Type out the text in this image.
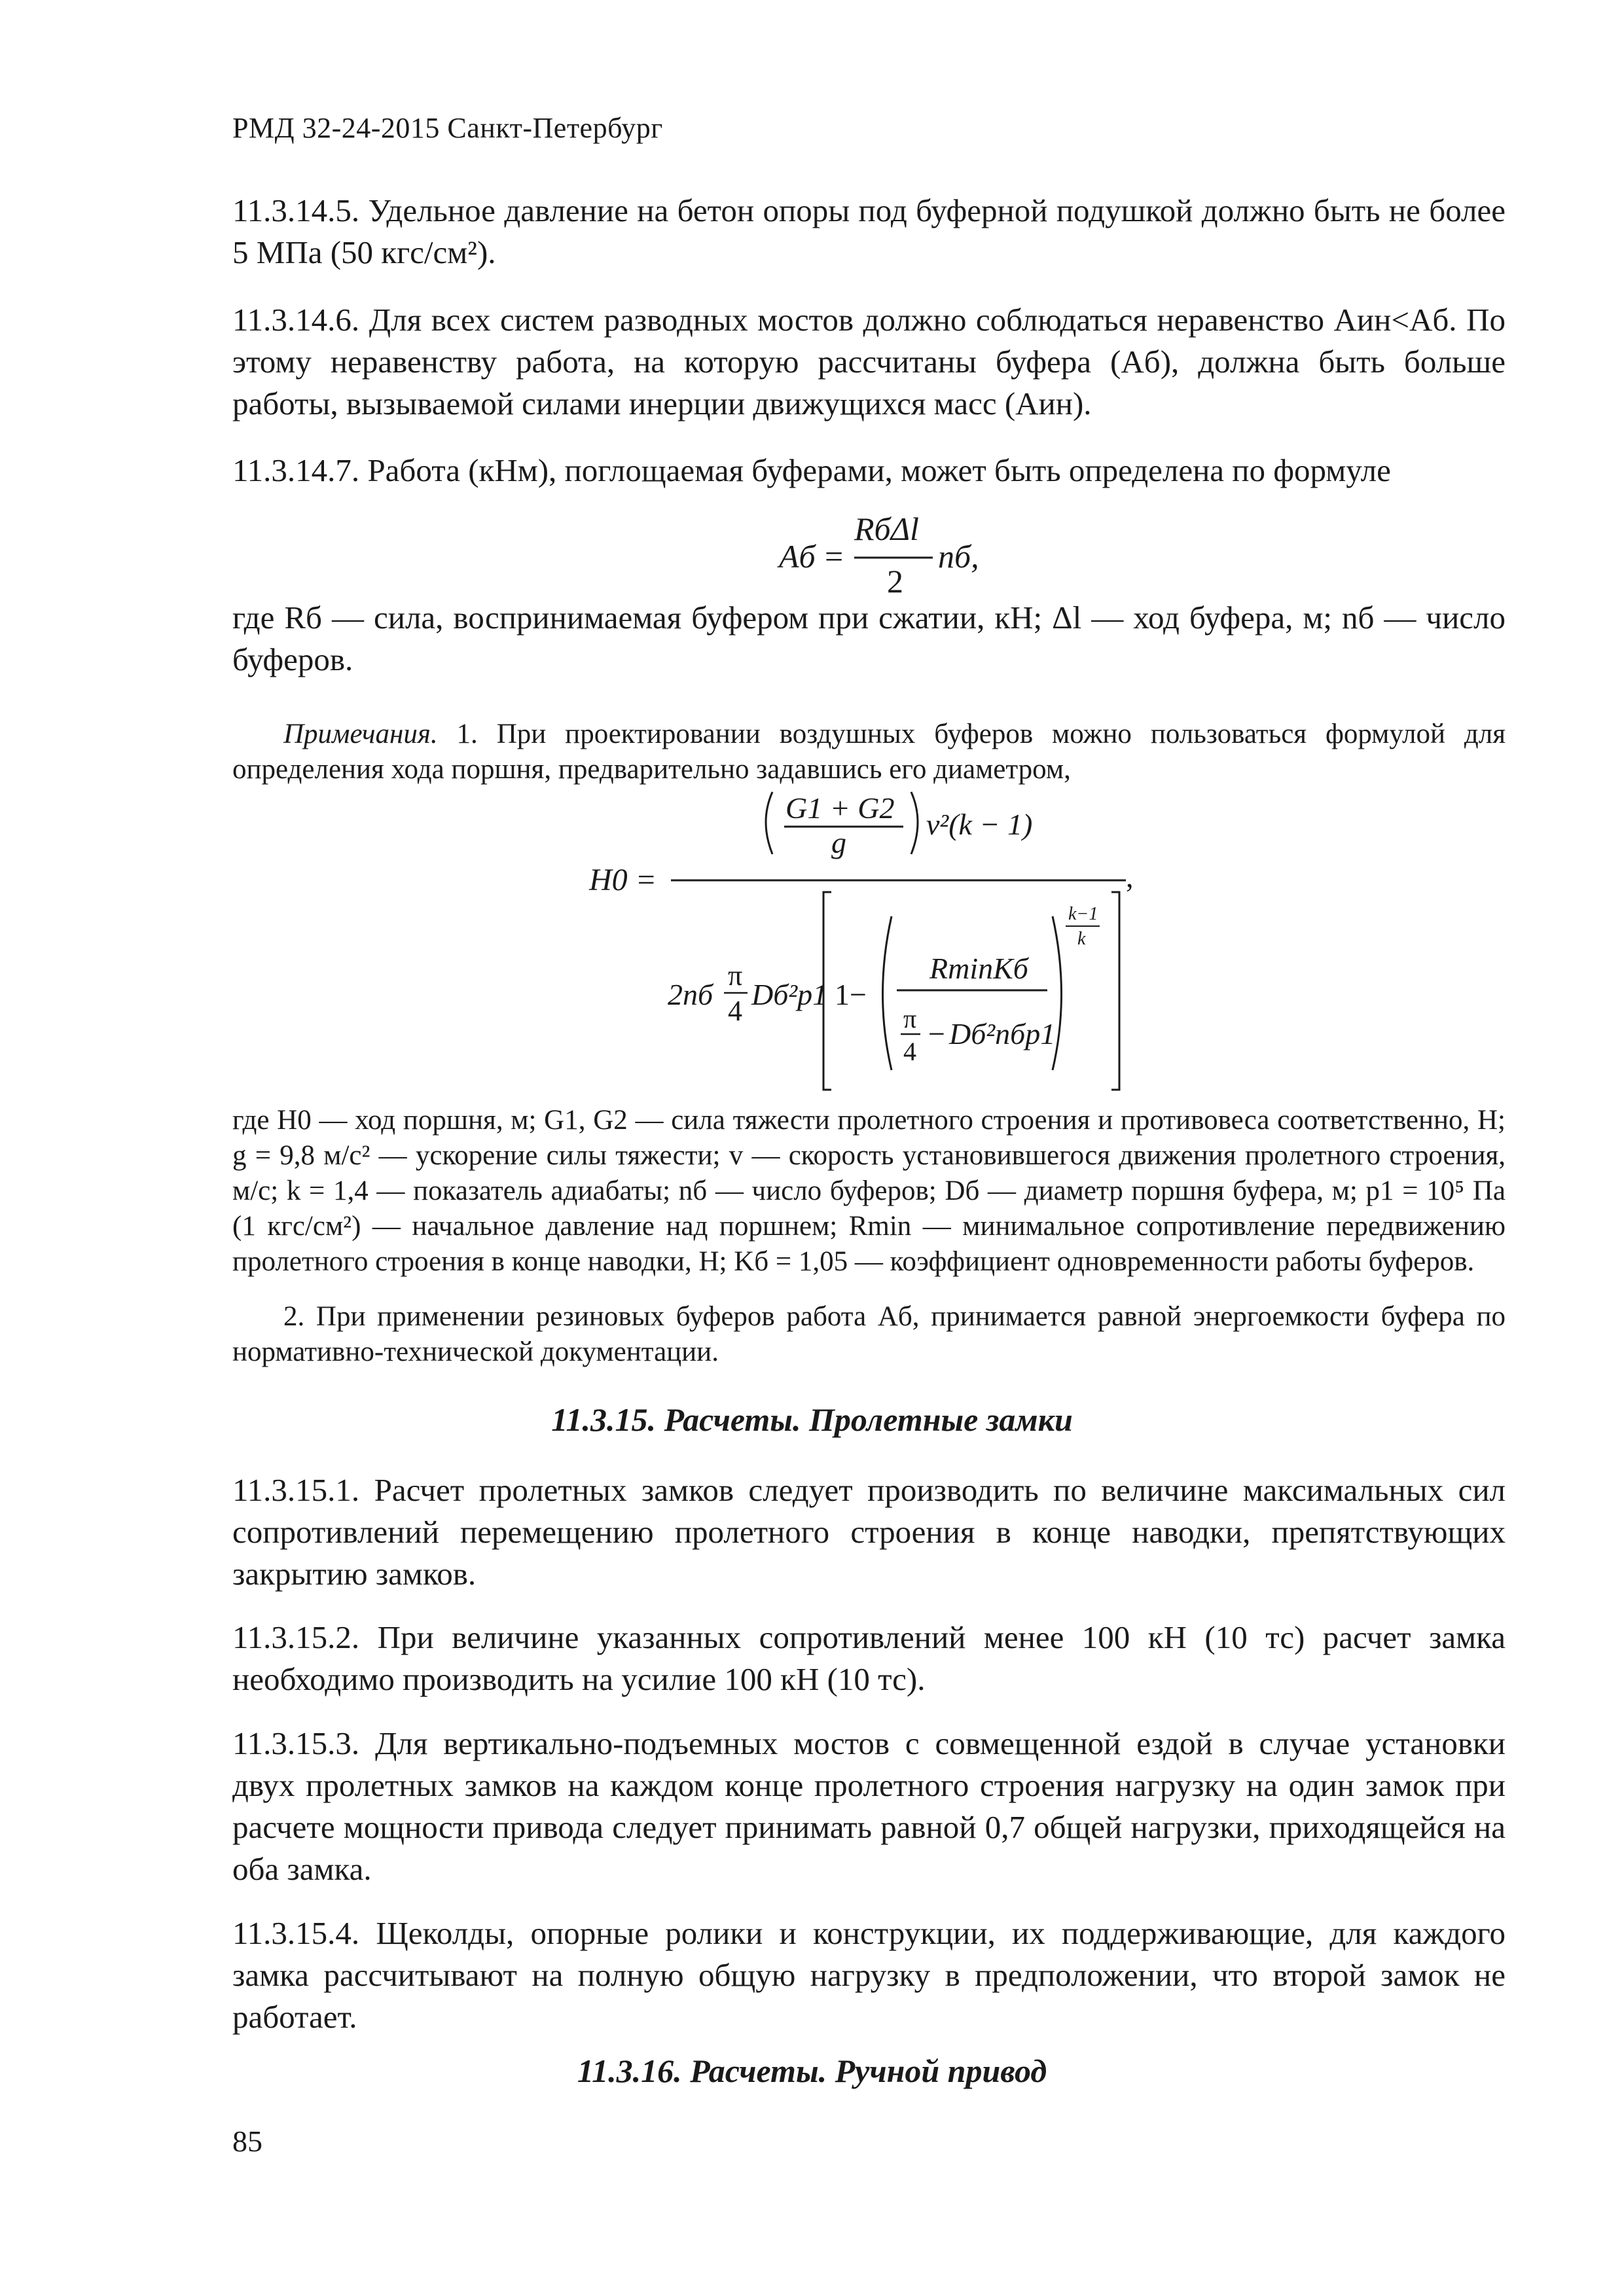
РМД 32-24-2015 Санкт-Петербург
11.3.14.5. Удельное давление на бетон опоры под буферной подушкой должно быть не более 5 МПа (50 кгс/см²).
11.3.14.6. Для всех систем разводных мостов должно соблюдаться неравенство Aин<Aб. По этому неравенству работа, на которую рассчитаны буфера (Aб), должна быть больше работы, вызываемой силами инерции движущихся масс (Aин).
11.3.14.7. Работа (кНм), поглощаемая буферами, может быть определена по формуле
Aб =
RбΔl
2
nб,
где Rб — сила, воспринимаемая буфером при сжатии, кН; Δl — ход буфера, м; nб — число буферов.
Примечания. 1. При проектировании воздушных буферов можно пользоваться формулой для определения хода поршня, предварительно задавшись его диаметром,
H0 =
G1 + G2
g
v²(k − 1)
2nб
π
4 Dб²p1 1−
RminKб
π
4
− Dб²nбp1
k−1
k
,
где H0 — ход поршня, м; G1, G2 — сила тяжести пролетного строения и противовеса соответственно, Н; g = 9,8 м/с² — ускорение силы тяжести; v — скорость установившегося движения пролетного строения, м/с; k = 1,4 — показатель адиабаты; nб — число буферов; Dб — диаметр поршня буфера, м; p1 = 10⁵ Па (1 кгс/см²) — начальное давление над поршнем; Rmin — минимальное сопротивление передвижению пролетного строения в конце наводки, Н; Kб = 1,05 — коэффициент одновременности работы буферов.
2. При применении резиновых буферов работа Aб, принимается равной энергоемкости буфера по нормативно-технической документации.
11.3.15. Расчеты. Пролетные замки
11.3.15.1. Расчет пролетных замков следует производить по величине максимальных сил сопротивлений перемещению пролетного строения в конце наводки, препятствующих закрытию замков.
11.3.15.2. При величине указанных сопротивлений менее 100 кН (10 тс) расчет замка необходимо производить на усилие 100 кН (10 тс).
11.3.15.3. Для вертикально-подъемных мостов с совмещенной ездой в случае установки двух пролетных замков на каждом конце пролетного строения нагрузку на один замок при расчете мощности привода следует принимать равной 0,7 общей нагрузки, приходящейся на оба замка.
11.3.15.4. Щеколды, опорные ролики и конструкции, их поддерживающие, для каждого замка рассчитывают на полную общую нагрузку в предположении, что второй замок не работает.
11.3.16. Расчеты. Ручной привод
85
